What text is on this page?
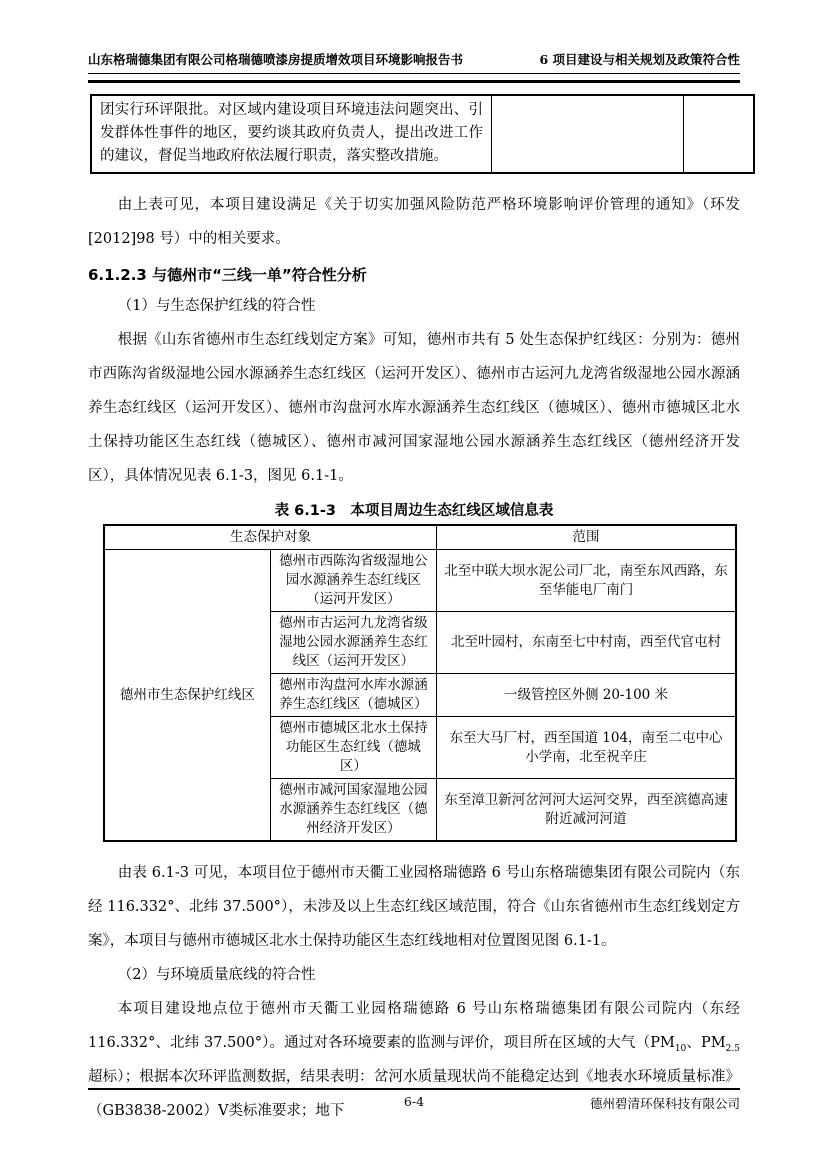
山东格瑞德集团有限公司格瑞德喷漆房提质增效项目环境影响报告书	6 项目建设与相关规划及政策符合性
团实行环评限批。对区域内建设项目环境违法问题突出、引发群体性事件的地区，要约谈其政府负责人，提出改进工作的建议，督促当地政府依法履行职责，落实整改措施。		

由上表可见，本项目建设满足《关于切实加强风险防范严格环境影响评价管理的通知》（环发[2012]98 号）中的相关要求。

6.1.2.3 与德州市“三线一单”符合性分析

（1）与生态保护红线的符合性

根据《山东省德州市生态红线划定方案》可知，德州市共有 5 处生态保护红线区：分别为：德州市西陈沟省级湿地公园水源涵养生态红线区（运河开发区）、德州市古运河九龙湾省级湿地公园水源涵养生态红线区（运河开发区）、德州市沟盘河水库水源涵养生态红线区（德城区）、德州市德城区北水土保持功能区生态红线（德城区）、德州市减河国家湿地公园水源涵养生态红线区（德州经济开发区），具体情况见表 6.1-3，图见 6.1-1。

表 6.1-3　本项目周边生态红线区域信息表
生态保护对象		范围
德州市生态保护红线区	德州市西陈沟省级湿地公园水源涵养生态红线区（运河开发区）	北至中联大坝水泥公司厂北，南至东风西路，东至华能电厂南门
	德州市古运河九龙湾省级湿地公园水源涵养生态红线区（运河开发区）	北至叶园村，东南至七中村南，西至代官屯村
	德州市沟盘河水库水源涵养生态红线区（德城区）	一级管控区外侧 20-100 米
	德州市德城区北水土保持功能区生态红线（德城区）	东至大马厂村，西至国道 104，南至二屯中心小学南，北至祝辛庄
	德州市减河国家湿地公园水源涵养生态红线区（德州经济开发区）	东至漳卫新河岔河河大运河交界，西至滨德高速附近减河河道

由表 6.1-3 可见，本项目位于德州市天衢工业园格瑞德路 6 号山东格瑞德集团有限公司院内（东经 116.332°、北纬 37.500°），未涉及以上生态红线区域范围，符合《山东省德州市生态红线划定方案》，本项目与德州市德城区北水土保持功能区生态红线地相对位置图见图 6.1-1。

（2）与环境质量底线的符合性

本项目建设地点位于德州市天衢工业园格瑞德路 6 号山东格瑞德集团有限公司院内（东经 116.332°、北纬 37.500°）。通过对各环境要素的监测与评价，项目所在区域的大气（$PM_{10}$、$PM_{2.5}$ 超标）；根据本次环评监测数据，结果表明：岔河水质量现状尚不能稳定达到《地表水环境质量标准》（GB3838-2002）Ⅴ类标准要求；地下

6-4	德州碧清环保科技有限公司
